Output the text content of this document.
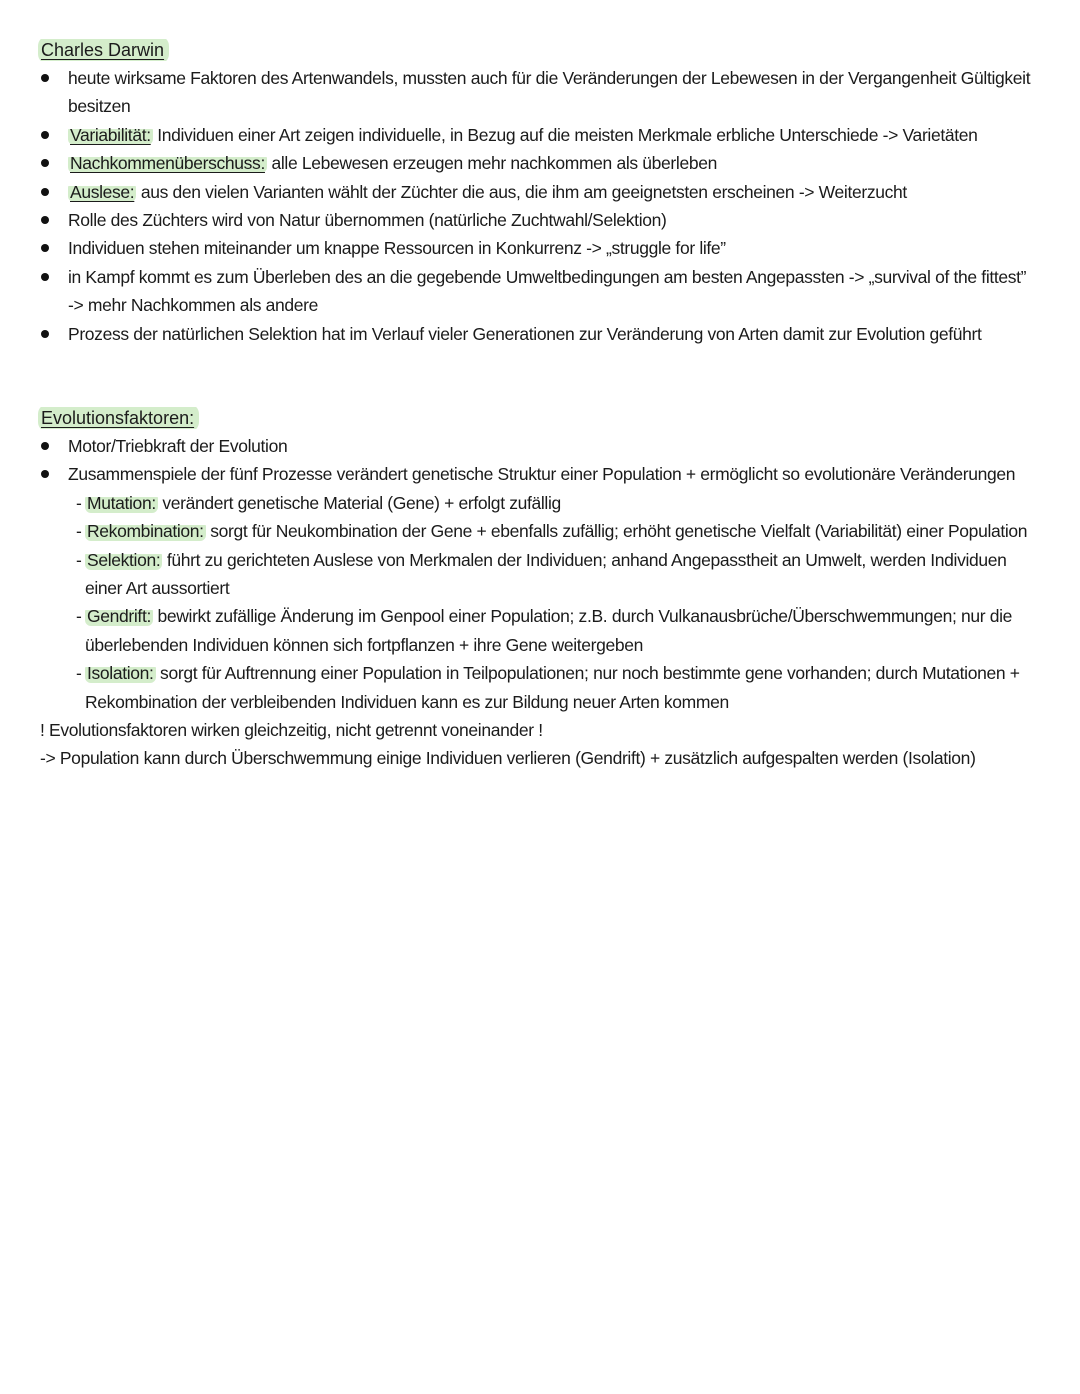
Charles Darwin
heute wirksame Faktoren des Artenwandels, mussten auch für die Veränderungen der Lebewesen in der Vergangenheit Gültigkeit besitzen
Variabilität: Individuen einer Art zeigen individuelle, in Bezug auf die meisten Merkmale erbliche Unterschiede -> Varietäten
Nachkommenüberschuss: alle Lebewesen erzeugen mehr nachkommen als überleben
Auslese: aus den vielen Varianten wählt der Züchter die aus, die ihm am geeignetsten erscheinen -> Weiterzucht
Rolle des Züchters wird von Natur übernommen (natürliche Zuchtwahl/Selektion)
Individuen stehen miteinander um knappe Ressourcen in Konkurrenz -> „struggle for life”
in Kampf kommt es zum Überleben des an die gegebende Umweltbedingungen am besten Angepassten -> „survival of the fittest”
-> mehr Nachkommen als andere
Prozess der natürlichen Selektion hat im Verlauf vieler Generationen zur Veränderung von Arten damit zur Evolution geführt
Evolutionsfaktoren:
Motor/Triebkraft der Evolution
Zusammenspiele der fünf Prozesse verändert genetische Struktur einer Population + ermöglicht so evolutionäre Veränderungen
- Mutation: verändert genetische Material (Gene) + erfolgt zufällig
- Rekombination: sorgt für Neukombination der Gene + ebenfalls zufällig; erhöht genetische Vielfalt (Variabilität) einer Population
- Selektion: führt zu gerichteten Auslese von Merkmalen der Individuen; anhand Angepasstheit an Umwelt, werden Individuen einer Art aussortiert
- Gendrift: bewirkt zufällige Änderung im Genpool einer Population; z.B. durch Vulkanausbrüche/Überschwemmungen; nur die überlebenden Individuen können sich fortpflanzen + ihre Gene weitergeben
- Isolation: sorgt für Auftrennung einer Population in Teilpopulationen; nur noch bestimmte gene vorhanden; durch Mutationen + Rekombination der verbleibenden Individuen kann es zur Bildung neuer Arten kommen
! Evolutionsfaktoren wirken gleichzeitig, nicht getrennt voneinander !
-> Population kann durch Überschwemmung einige Individuen verlieren (Gendrift) + zusätzlich aufgespalten werden (Isolation)
